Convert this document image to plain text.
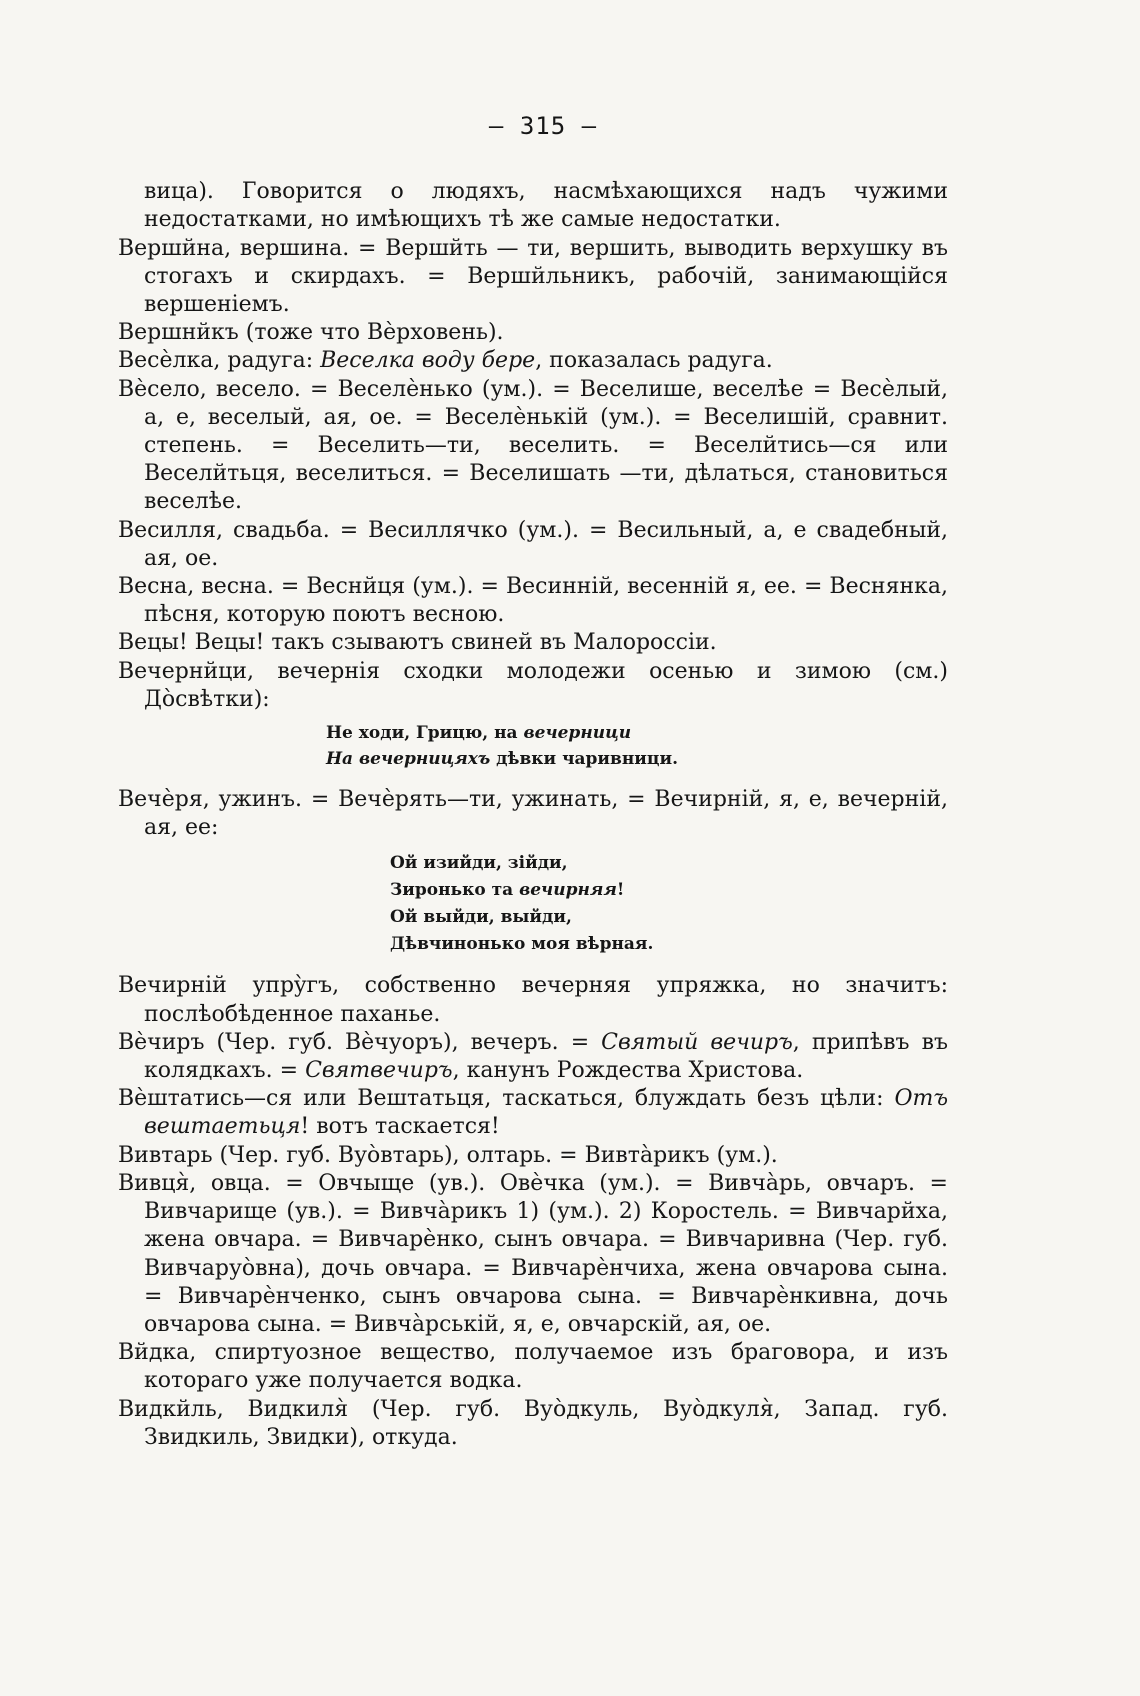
— 315 —

вица). Говорится о людяхъ, насмѣхающихся надъ чужими недостатками, но имѣющихъ тѣ же самые недостатки.

Вершйна, вершина. = Вершйть — ти, вершить, выводить верхушку въ стогахъ и скирдахъ. = Вершйльникъ, рабочій, занимающійся вершеніемъ.

Вершнйкъ (тоже что Вѐрховень).

Весѐлка, радуга: Веселка воду бере, показалась радуга.

Вѐсело, весело. = Веселѐнько (ум.). = Веселише, веселѣе = Весѐлый, а, е, веселый, ая, ое. = Веселѐнькій (ум.). = Веселишій, сравнит. степень. = Веселить—ти, веселить. = Веселйтись—ся или Веселйтьця, веселиться. = Веселишать —ти, дѣлаться, становиться веселѣе.

Весилля, свадьба. = Весиллячко (ум.). = Весильный, а, е свадебный, ая, ое.

Весна, весна. = Веснйця (ум.). = Весинній, весенній я, ее. = Веснянка, пѣсня, которую поютъ весною.

Вецы! Вецы! такъ сзываютъ свиней въ Малороссіи.

Вечернйци, вечернія сходки молодежи осенью и зимою (см.) Дòсвѣтки):

Не ходи, Грицю, на вечерници
На вечерницяхъ дѣвки чаривници.

Вечѐря, ужинъ. = Вечѐрять—ти, ужинать, = Вечирній, я, е, вечерній, ая, ее:

Ой изийди, зійди,
Зиронько та вечирняя!
Ой выйди, выйди,
Дѣвчинонько моя вѣрная.

Вечирній упрỳгъ, собственно вечерняя упряжка, но значитъ: послѣобѣденное паханье.

Вѐчиръ (Чер. губ. Вѐчуоръ), вечеръ. = Святый вечиръ, припѣвъ въ колядкахъ. = Святвечиръ, канунъ Рождества Христова.

Вѐштатись—ся или Вештатьця, таскаться, блуждать безъ цѣли: Отъ вештаетьця! вотъ таскается!

Вивтарь (Чер. губ. Вуòвтарь), олтарь. = Вивтàрикъ (ум.).

Вивця̀, овца. = Овчыще (ув.). Овѐчка (ум.). = Вивчàрь, овчаръ. = Вивчарище (ув.). = Вивчàрикъ 1) (ум.). 2) Коростель. = Вивчарйха, жена овчара. = Вивчарѐнко, сынъ овчара. = Вивчаривна (Чер. губ. Вивчаруòвна), дочь овчара. = Вивчарѐнчиха, жена овчарова сына. = Вивчарѐнченко, сынъ овчарова сына. = Вивчарѐнкивна, дочь овчарова сына. = Вивчàрській, я, е, овчарскій, ая, ое.

Вйдка, спиртуозное вещество, получаемое изъ браговора, и изъ котораго уже получается водка.

Видкйль, Видкиля̀ (Чер. губ. Вуòдкуль, Вуòдкуля̀, Запад. губ. Звидкиль, Звидки), откуда.
